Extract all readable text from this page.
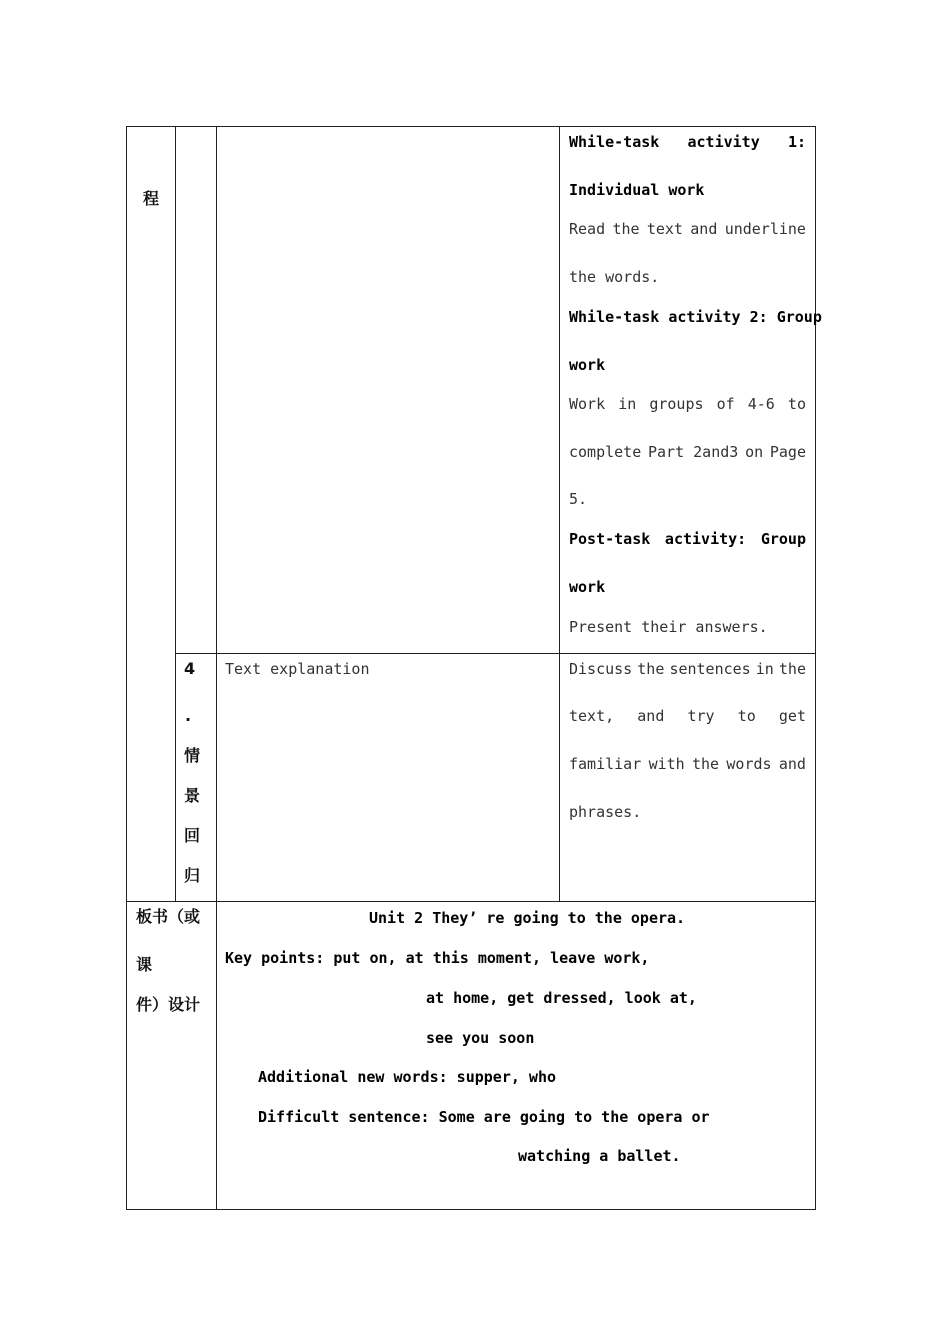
程
While-task activity 1:
Individual work
Read the text and underline
the words.
While-task activity 2: Group
work
Work in groups of 4-6 to
complete Part 2and3 on Page
5.
Post-task activity: Group
work
Present their answers.
4
.
情
景
回
归
Text explanation	Discuss the sentences in the
text, and try to get
familiar with the words and
phrases.
板书（或
课
件）设计
Unit 2 They’ re going to the opera.
Key points: put on, at this moment, leave work,
at home, get dressed, look at,
see you soon
Additional new words: supper, who
Difficult sentence: Some are going to the opera or
watching a ballet.
